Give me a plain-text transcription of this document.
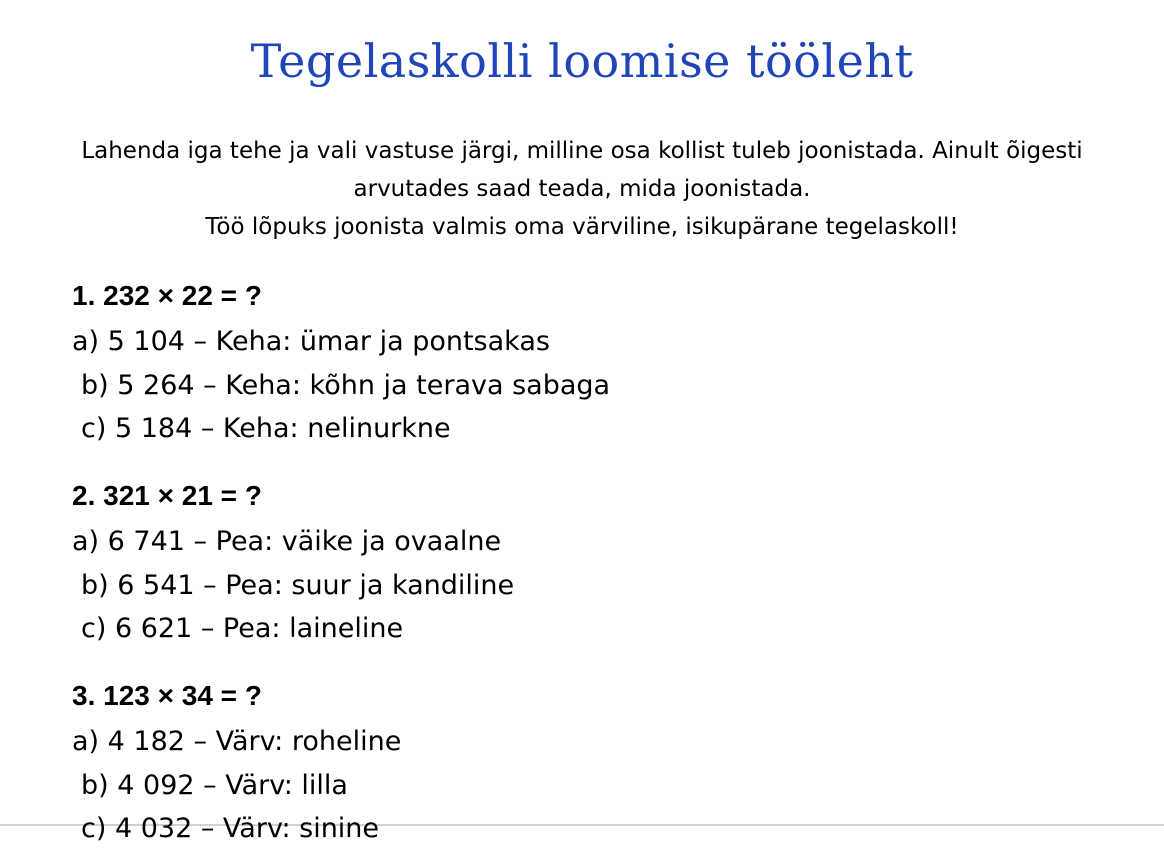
Tegelaskolli loomise tööleht

Lahenda iga tehe ja vali vastuse järgi, milline osa kollist tuleb joonistada. Ainult õigesti

arvutades saad teada, mida joonistada.

Töö lõpuks joonista valmis oma värviline, isikupärane tegelaskoll!

1. 232 × 22 = ?

a) 5 104 – Keha: ümar ja pontsakas

b) 5 264 – Keha: kõhn ja terava sabaga

c) 5 184 – Keha: nelinurkne

2. 321 × 21 = ?

a) 6 741 – Pea: väike ja ovaalne

b) 6 541 – Pea: suur ja kandiline

c) 6 621 – Pea: laineline

3. 123 × 34 = ?

a) 4 182 – Värv: roheline

b) 4 092 – Värv: lilla

c) 4 032 – Värv: sinine
